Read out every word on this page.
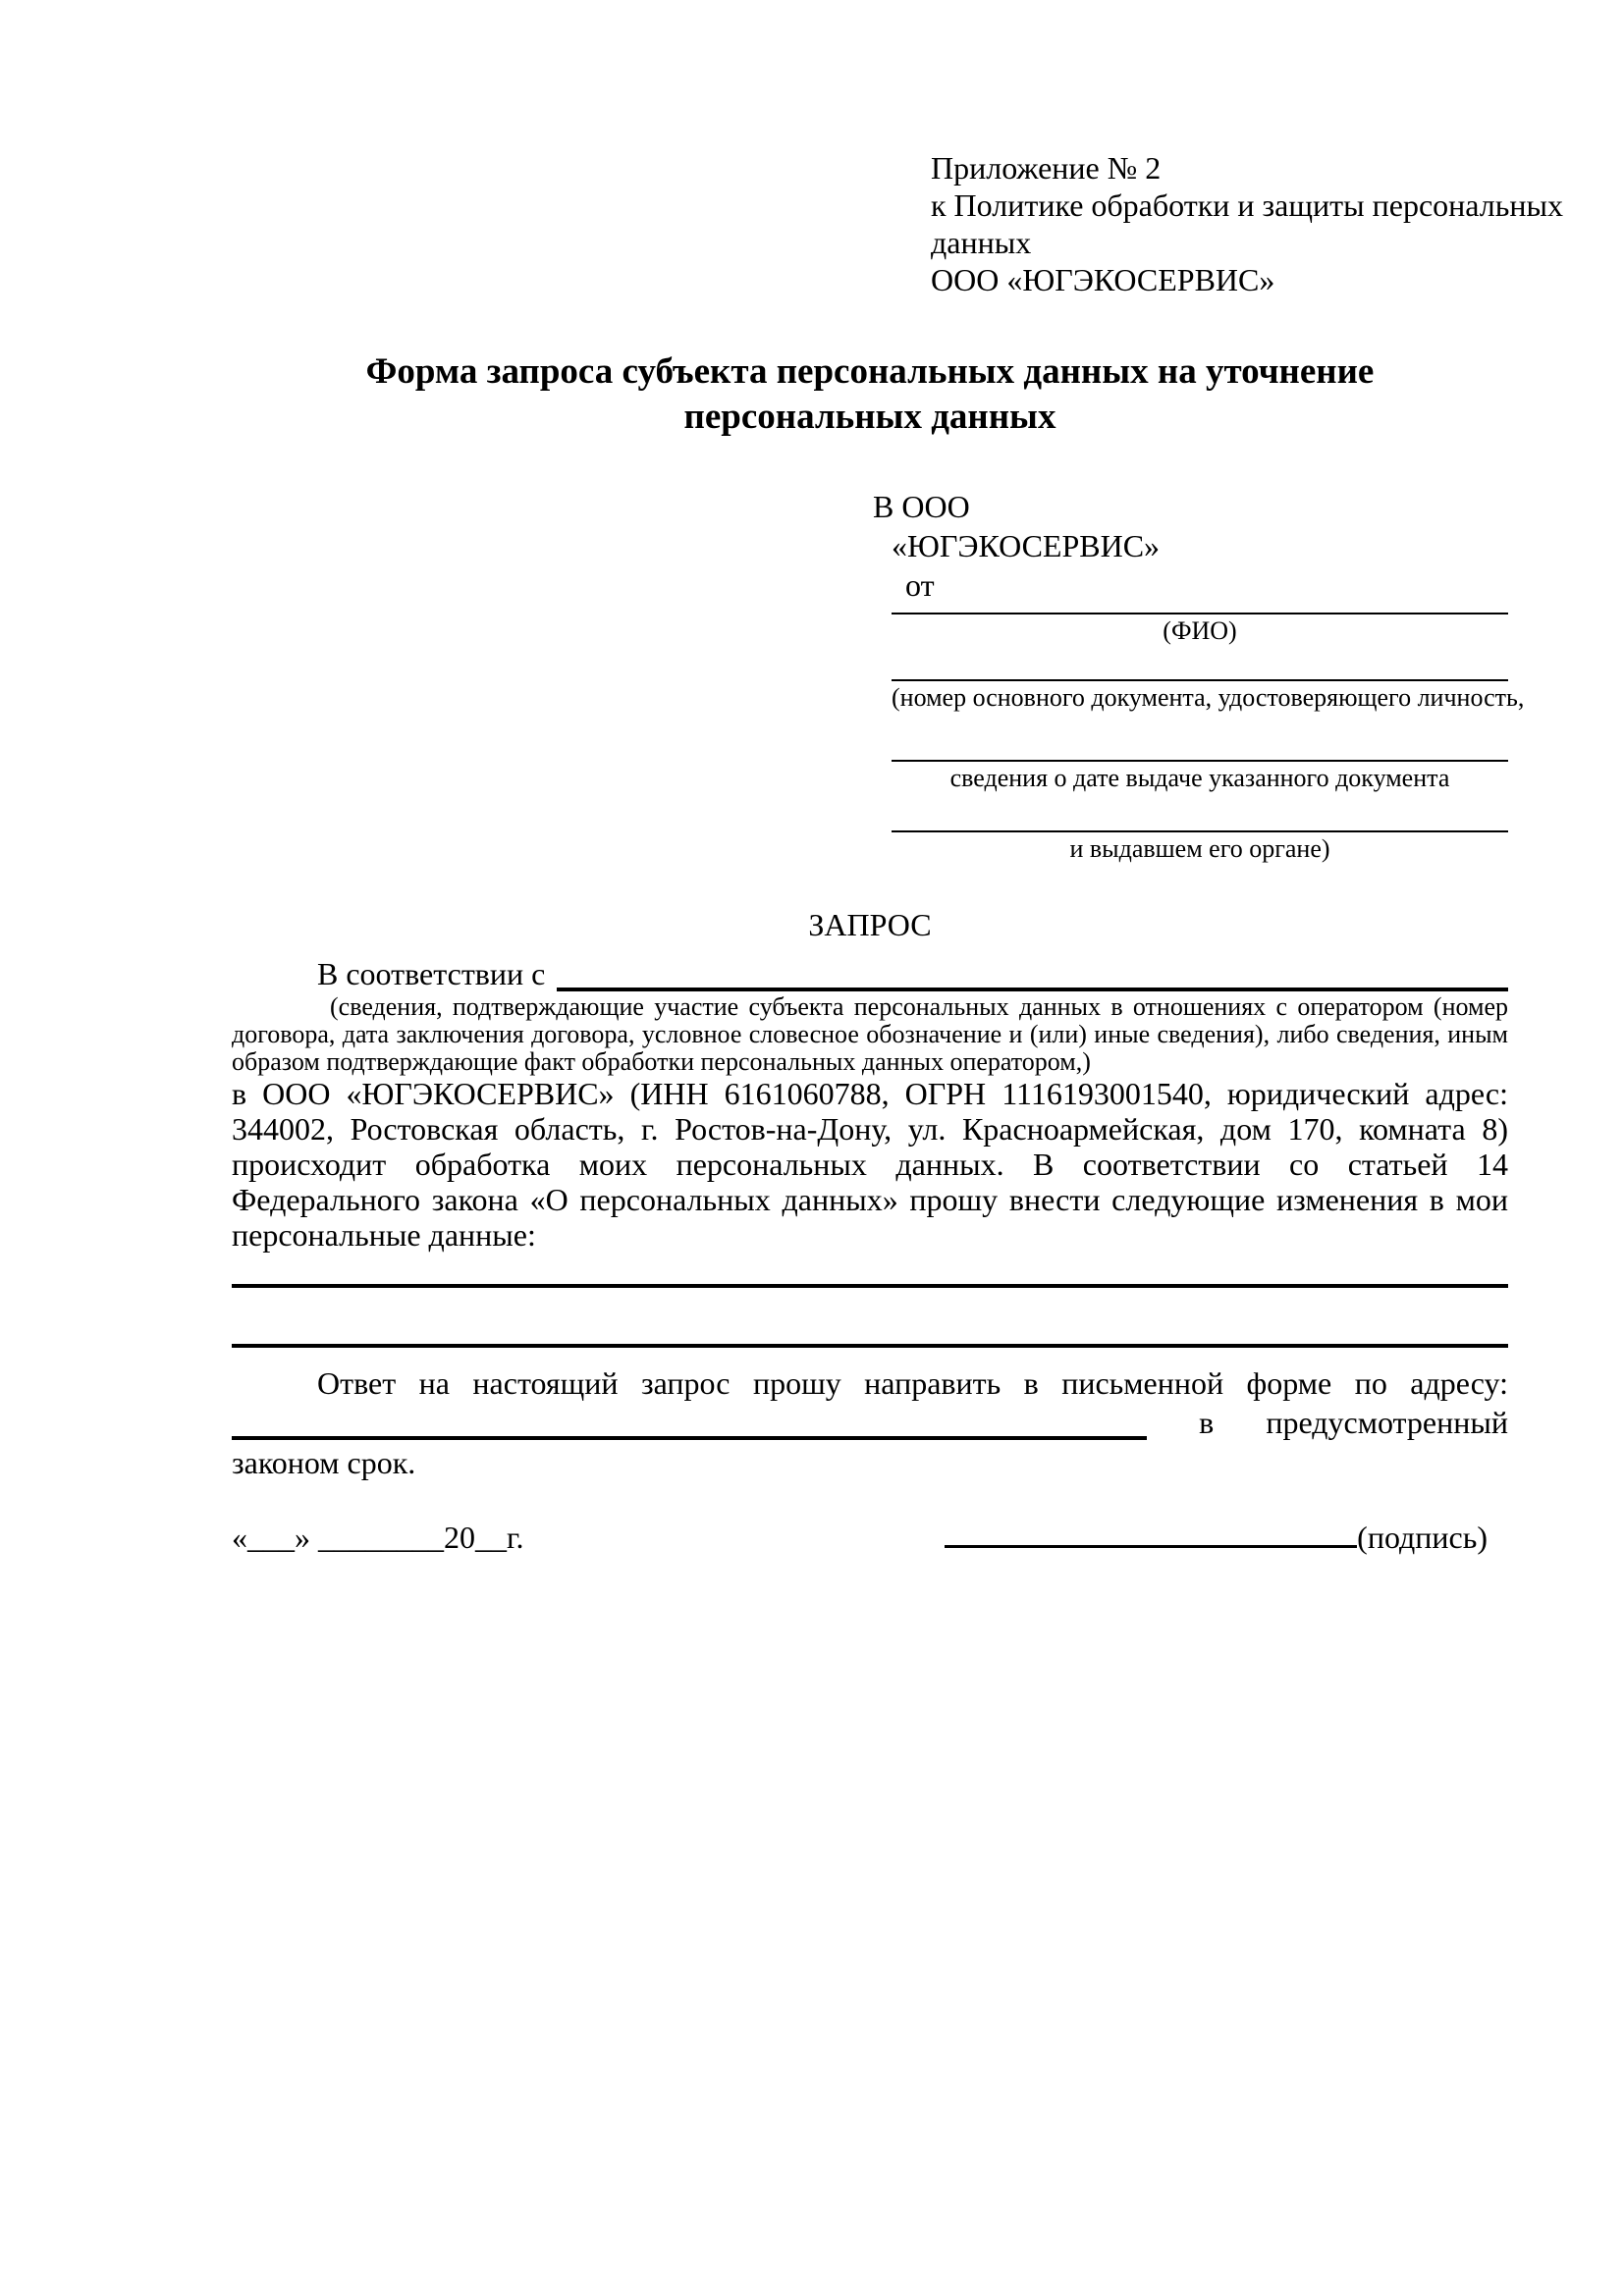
Приложение № 2
к Политике обработки и защиты персональных
данных
ООО «ЮГЭКОСЕРВИС»
Форма запроса субъекта персональных данных на уточнение
персональных данных
В ООО
«ЮГЭКОСЕРВИС»
от
(ФИО)
(номер основного документа, удостоверяющего личность,
сведения о дате выдаче указанного документа
и выдавшем его органе)
ЗАПРОС
В соответствии с
(сведения, подтверждающие участие субъекта персональных данных в отношениях с оператором (номер договора, дата заключения договора, условное словесное обозначение и (или) иные сведения), либо сведения, иным образом подтверждающие факт обработки персональных данных оператором,)
в ООО «ЮГЭКОСЕРВИС» (ИНН 6161060788, ОГРН 1116193001540, юридический адрес: 344002, Ростовская область, г. Ростов-на-Дону, ул. Красноармейская, дом 170, комната 8) происходит обработка моих персональных данных. В соответствии со статьей 14 Федерального закона «О персональных данных» прошу внести следующие изменения в мои персональные данные:
Ответ на настоящий запрос прошу направить в письменной форме по адресу:
в предусмотренный
законом срок.
«___» ________20__г.	(подпись)
